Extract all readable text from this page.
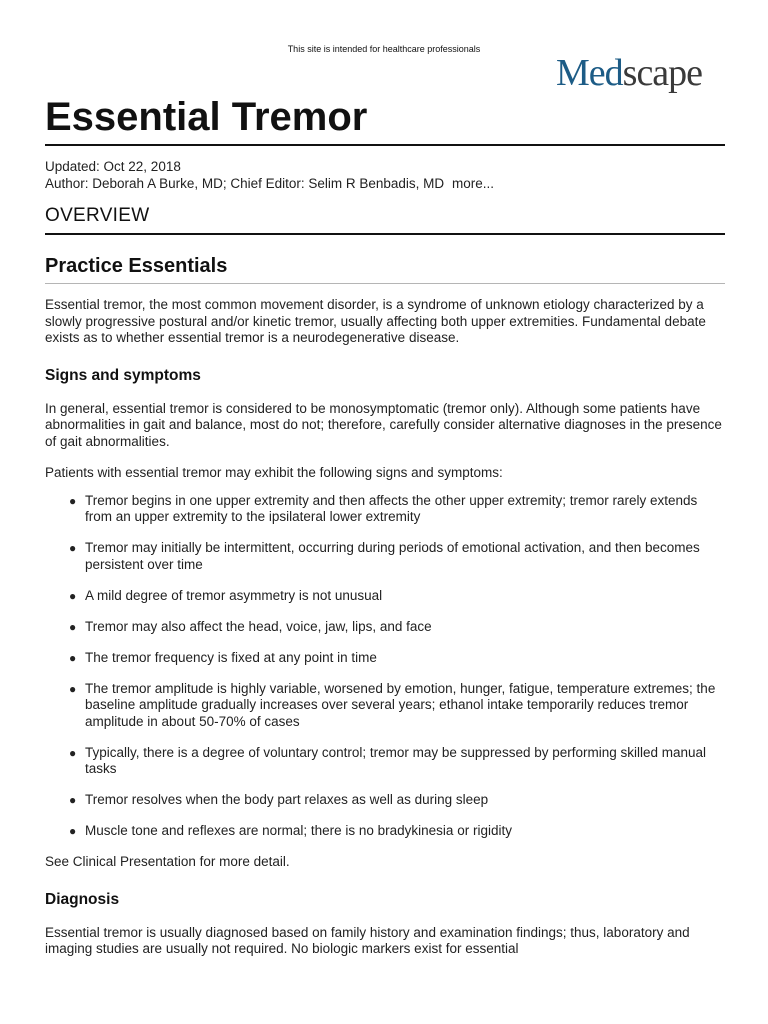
This site is intended for healthcare professionals
Medscape
Essential Tremor
Updated: Oct 22, 2018
Author: Deborah A Burke, MD; Chief Editor: Selim R Benbadis, MD more...
OVERVIEW
Practice Essentials

Essential tremor, the most common movement disorder, is a syndrome of unknown etiology characterized by a slowly progressive postural and/or kinetic tremor, usually affecting both upper extremities. Fundamental debate exists as to whether essential tremor is a neurodegenerative disease.

Signs and symptoms

In general, essential tremor is considered to be monosymptomatic (tremor only). Although some patients have abnormalities in gait and balance, most do not; therefore, carefully consider alternative diagnoses in the presence of gait abnormalities.

Patients with essential tremor may exhibit the following signs and symptoms:

● Tremor begins in one upper extremity and then affects the other upper extremity; tremor rarely extends from an upper extremity to the ipsilateral lower extremity
● Tremor may initially be intermittent, occurring during periods of emotional activation, and then becomes persistent over time
● A mild degree of tremor asymmetry is not unusual
● Tremor may also affect the head, voice, jaw, lips, and face
● The tremor frequency is fixed at any point in time
● The tremor amplitude is highly variable, worsened by emotion, hunger, fatigue, temperature extremes; the baseline amplitude gradually increases over several years; ethanol intake temporarily reduces tremor amplitude in about 50-70% of cases
● Typically, there is a degree of voluntary control; tremor may be suppressed by performing skilled manual tasks
● Tremor resolves when the body part relaxes as well as during sleep
● Muscle tone and reflexes are normal; there is no bradykinesia or rigidity

See Clinical Presentation for more detail.

Diagnosis

Essential tremor is usually diagnosed based on family history and examination findings; thus, laboratory and imaging studies are usually not required. No biologic markers exist for essential
